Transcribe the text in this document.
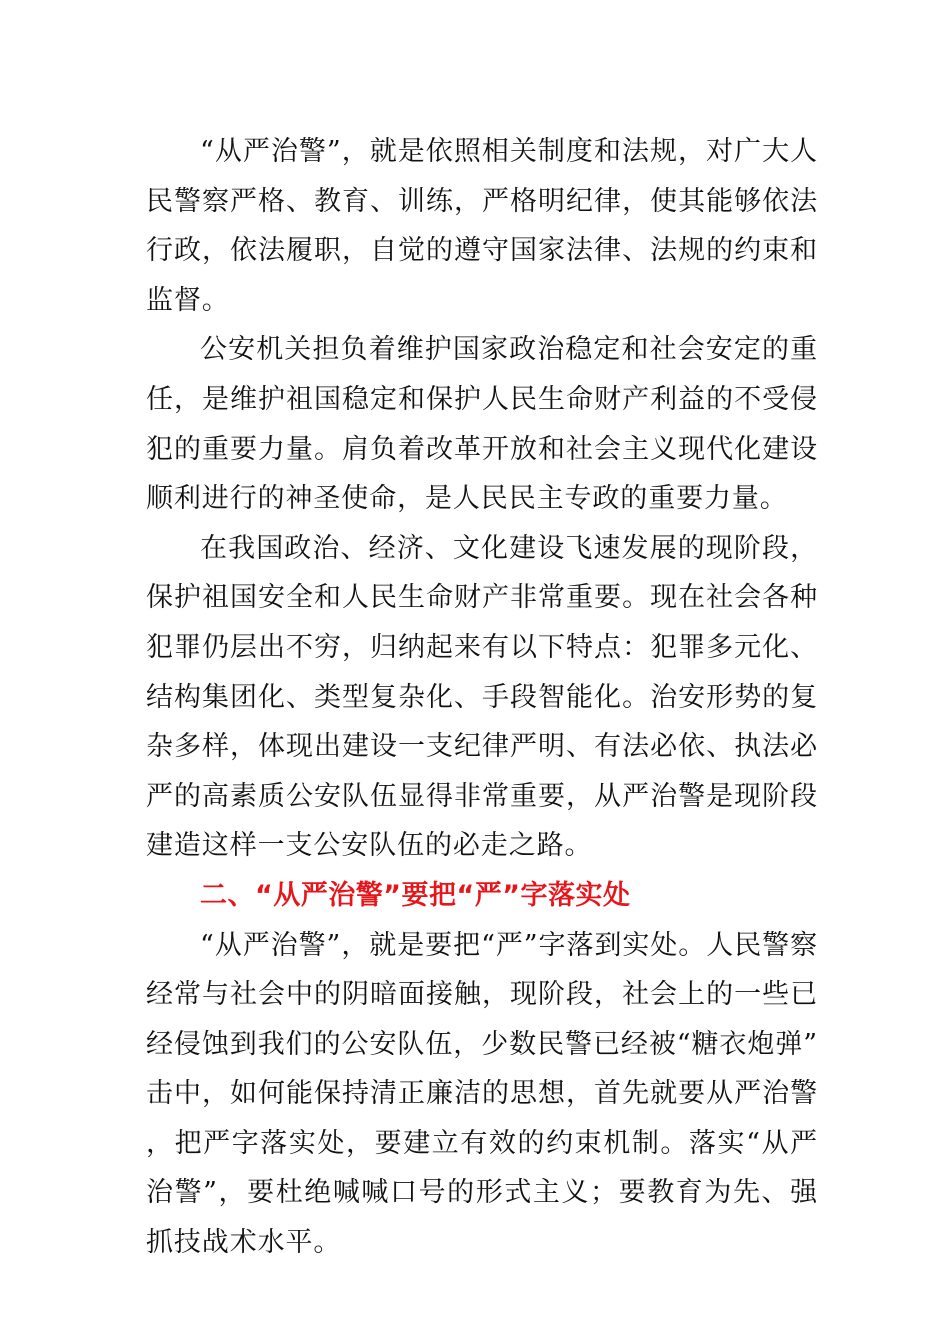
“从严治警”，就是依照相关制度和法规，对广大人民警察严格、教育、训练，严格明纪律，使其能够依法行政，依法履职，自觉的遵守国家法律、法规的约束和监督。

公安机关担负着维护国家政治稳定和社会安定的重任，是维护祖国稳定和保护人民生命财产利益的不受侵犯的重要力量。肩负着改革开放和社会主义现代化建设顺利进行的神圣使命，是人民民主专政的重要力量。

在我国政治、经济、文化建设飞速发展的现阶段，保护祖国安全和人民生命财产非常重要。现在社会各种犯罪仍层出不穷，归纳起来有以下特点：犯罪多元化、结构集团化、类型复杂化、手段智能化。治安形势的复杂多样，体现出建设一支纪律严明、有法必依、执法必严的高素质公安队伍显得非常重要，从严治警是现阶段建造这样一支公安队伍的必走之路。

二、“从严治警”要把“严”字落实处

“从严治警”，就是要把“严”字落到实处。人民警察经常与社会中的阴暗面接触，现阶段，社会上的一些已经侵蚀到我们的公安队伍，少数民警已经被“糖衣炮弹”击中，如何能保持清正廉洁的思想，首先就要从严治警，把严字落实处，要建立有效的约束机制。落实“从严治警”，要杜绝喊喊口号的形式主义；要教育为先、强抓技战术水平。
